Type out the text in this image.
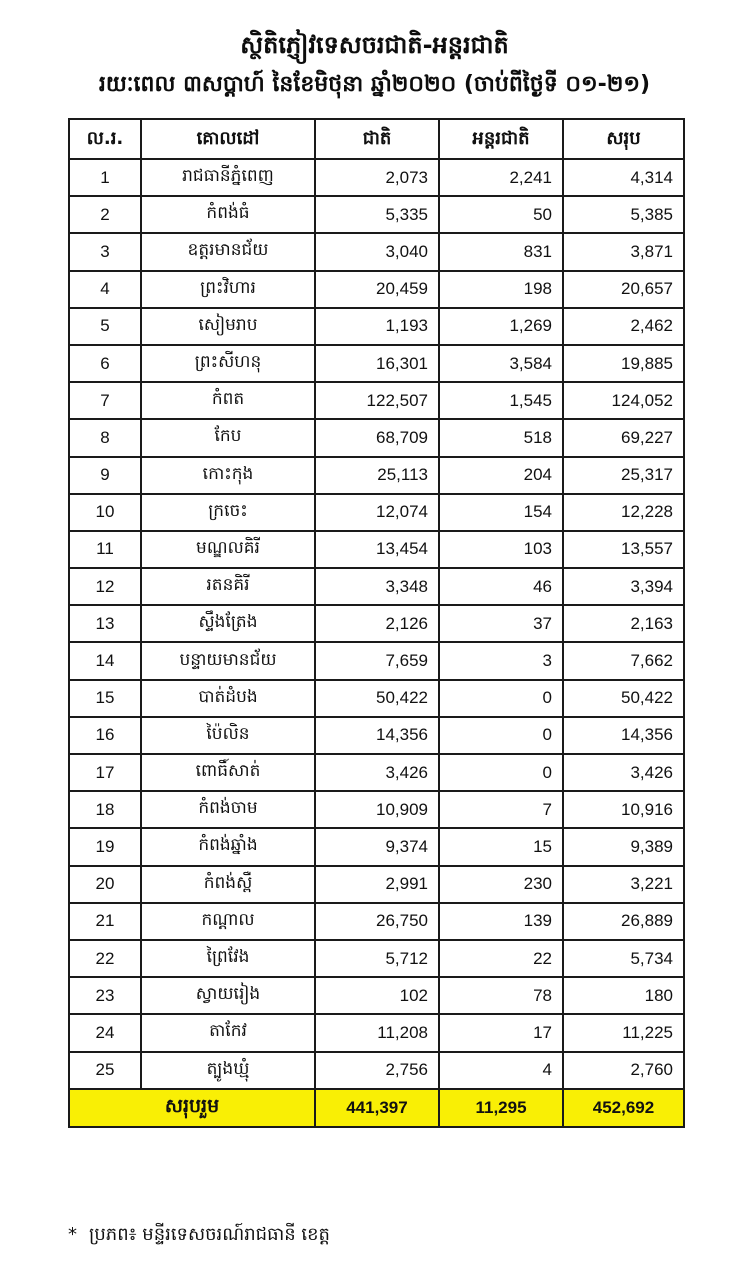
ស្ថិតិភ្ញៀវទេសចរជាតិ-អន្តរជាតិ
រយៈពេល ៣សប្តាហ៍ នៃខែមិថុនា ឆ្នាំ២០២០ (ចាប់ពីថ្ងៃទី ០១-២១)
ល.រ.	គោលដៅ	ជាតិ	អន្តរជាតិ	សរុប
1	រាជធានីភ្នំពេញ	2,073	2,241	4,314
2	កំពង់ធំ	5,335	50	5,385
3	ឧត្តរមានជ័យ	3,040	831	3,871
4	ព្រះវិហារ	20,459	198	20,657
5	សៀមរាប	1,193	1,269	2,462
6	ព្រះសីហនុ	16,301	3,584	19,885
7	កំពត	122,507	1,545	124,052
8	កែប	68,709	518	69,227
9	កោះកុង	25,113	204	25,317
10	ក្រចេះ	12,074	154	12,228
11	មណ្ឌលគិរី	13,454	103	13,557
12	រតនគិរី	3,348	46	3,394
13	ស្ទឹងត្រែង	2,126	37	2,163
14	បន្ទាយមានជ័យ	7,659	3	7,662
15	បាត់ដំបង	50,422	0	50,422
16	ប៉ៃលិន	14,356	0	14,356
17	ពោធិ៍សាត់	3,426	0	3,426
18	កំពង់ចាម	10,909	7	10,916
19	កំពង់ឆ្នាំង	9,374	15	9,389
20	កំពង់ស្ពឺ	2,991	230	3,221
21	កណ្តាល	26,750	139	26,889
22	ព្រៃវែង	5,712	22	5,734
23	ស្វាយរៀង	102	78	180
24	តាកែវ	11,208	17	11,225
25	ត្បូងឃ្មុំ	2,756	4	2,760
សរុបរួម		441,397	11,295	452,692
* ប្រភព៖ មន្ទីរទេសចរណ៍រាជធានី ខេត្ត
